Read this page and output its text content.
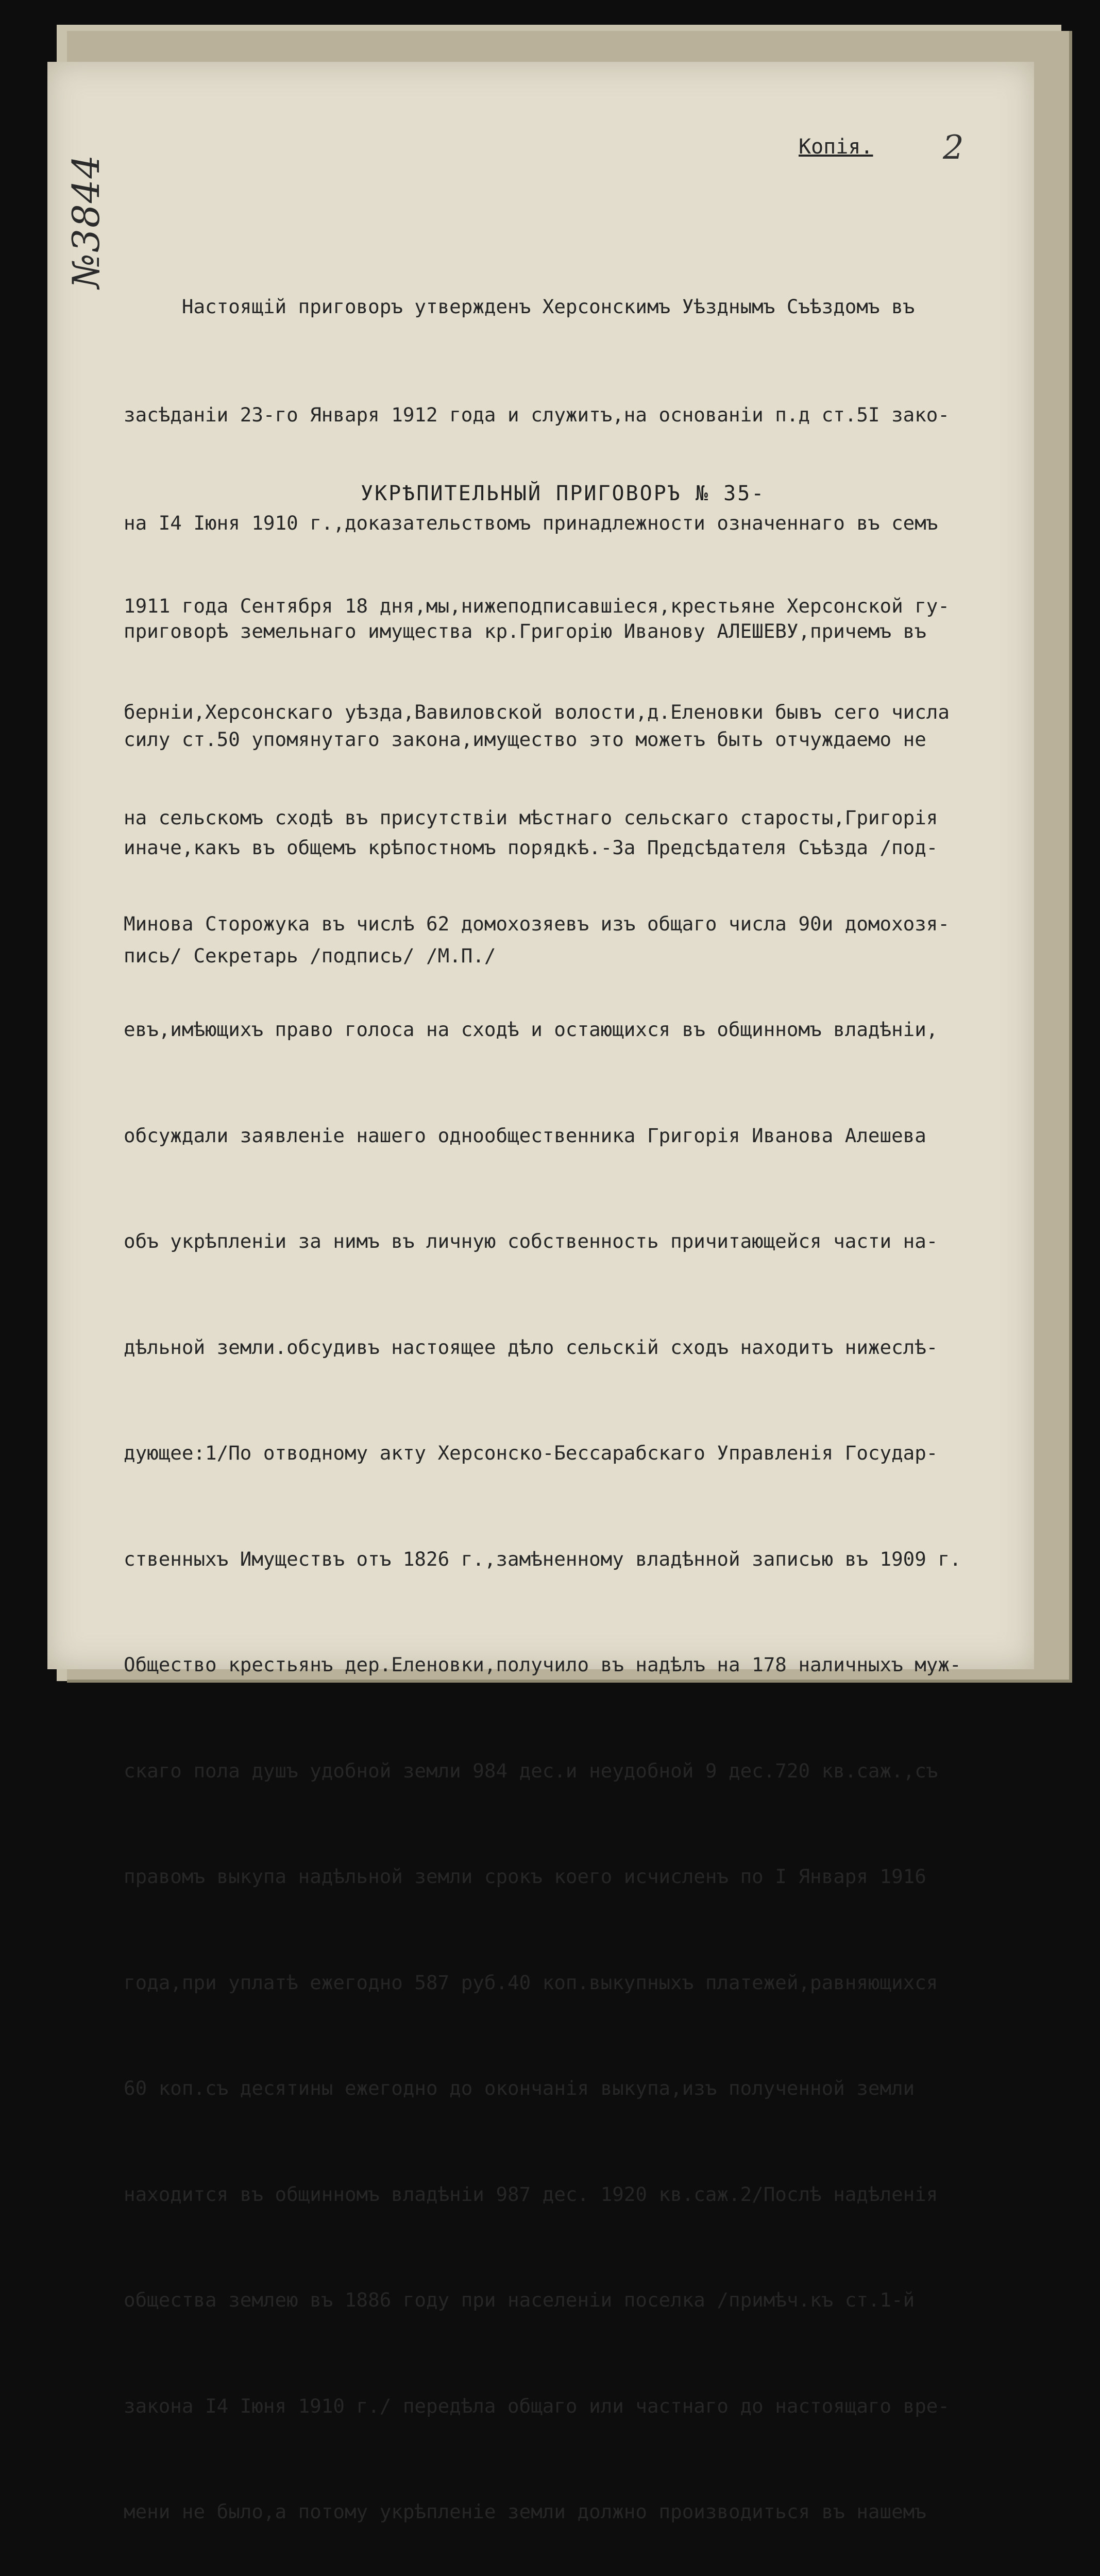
№3844
2
Копія.

Настоящій приговоръ утвержденъ Херсонскимъ Уѣзднымъ Съѣздомъ въ

засѣданіи 23-го Января 1912 года и служитъ,на основаніи п.д ст.5I зако-

на I4 Іюня 1910 г.,доказательствомъ принадлежности означеннаго въ семъ

приговорѣ земельнаго имущества кр.Григорію Иванову АЛЕШЕВУ,причемъ въ

силу ст.50 упомянутаго закона,имущество это можетъ быть отчуждаемо не

иначе,какъ въ общемъ крѣпостномъ порядкѣ.-За Предсѣдателя Съѣзда /под-

пись/ Секретарь /подпись/ /М.П./

УКРѢПИТЕЛЬНЫЙ ПРИГОВОРЪ № 35-

1911 года Сентября 18 дня,мы,нижеподписавшіеся,крестьяне Херсонской гу-

берніи,Херсонскаго уѣзда,Вавиловской волости,д.Еленовки бывъ сего числа

на сельскомъ сходѣ въ присутствіи мѣстнаго сельскаго старосты,Григорія

Минова Сторожука въ числѣ 62 домохозяевъ изъ общаго числа 90и домохозя-

евъ,имѣющихъ право голоса на сходѣ и остающихся въ общинномъ владѣніи,

обсуждали заявленіе нашего однообщественника Григорія Иванова Алешева

объ укрѣпленіи за нимъ въ личную собственность причитающейся части на-

дѣльной земли.обсудивъ настоящее дѣло сельскій сходъ находитъ нижеслѣ-

дующее:1/По отводному акту Херсонско-Бессарабскаго Управленія Государ-

ственныхъ Имуществъ отъ 1826 г.,замѣненному владѣнной записью въ 1909 г.

Общество крестьянъ дер.Еленовки,получило въ надѣлъ на 178 наличныхъ муж-

скаго пола душъ удобной земли 984 дес.и неудобной 9 дес.720 кв.саж.,съ

правомъ выкупа надѣльной земли срокъ коего исчисленъ по I Января 1916

года,при уплатѣ ежегодно 587 руб.40 коп.выкупныхъ платежей,равняющихся

60 коп.съ десятины ежегодно до окончанія выкупа,изъ полученной земли

находится въ общинномъ владѣніи 987 дес. 1920 кв.саж.2/Послѣ надѣленія

общества землею въ 1886 году при населеніи поселка /примѣч.къ ст.1-й

закона I4 Іюня 1910 г./ передѣла общаго или частнаго до настоящаго вре-

мени не было,а потому укрѣпленіе земли должно производиться въ нашемъ
